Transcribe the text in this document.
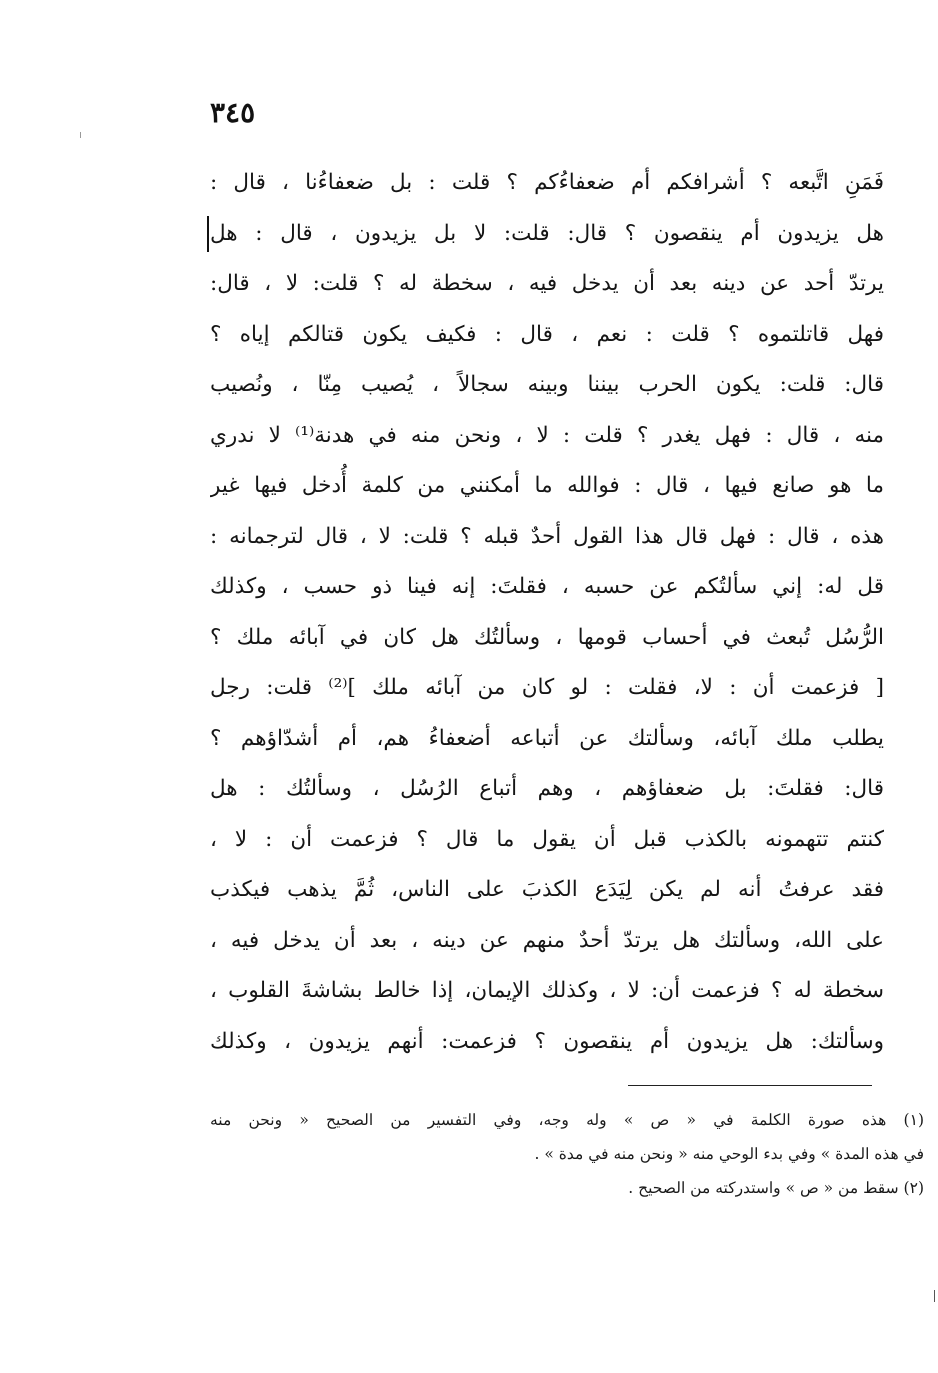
٣٤٥
فَمَنِ اتَّبعه ؟ أشرافكم أم ضعفاءُكم ؟ قلت : بل ضعفاءُنا ، قال :
هل يزيدون أم ينقصون ؟ قال: قلت: لا بل يزيدون ، قال : هل
يرتدّ أحد عن دينه بعد أن يدخل فيه ، سخطة له ؟ قلت: لا ، قال:
فهل قاتلتموه ؟ قلت : نعم ، قال : فكيف يكون قتالكم إياه ؟
قال: قلت: يكون الحرب بيننا وبينه سجالاً ، يُصيب مِنّا ، ونُصيب
منه ، قال : فهل يغدر ؟ قلت : لا ، ونحن منه في هدنة⁽¹⁾ لا ندري
ما هو صانع فيها ، قال : فوالله ما أمكنني من كلمة أُدخل فيها غير
هذه ، قال : فهل قال هذا القول أحدٌ قبله ؟ قلت: لا ، قال لترجمانه :
قل له: إني سألتُكم عن حسبه ، فقلتَ: إنه فينا ذو حسب ، وكذلك
الرُّسُل تُبعث في أحساب قومها ، وسألتُك هل كان في آبائه ملك ؟
[ فزعمت أن : لا، فقلت : لو كان من آبائه ملك ]⁽²⁾ قلت: رجل
يطلب ملك آبائه، وسألتك عن أتباعه أضعفاءُ هم، أم أشدّاؤهم ؟
قال: فقلتَ: بل ضعفاؤهم ، وهم أتباع الرُسُل ، وسألتُك : هل
كنتم تتهمونه بالكذب قبل أن يقول ما قال ؟ فزعمت أن : لا ،
فقد عرفتُ أنه لم يكن لِيَدَع الكذبَ على الناس، ثُمَّ يذهب فيكذب
على الله، وسألتك هل يرتدّ أحدٌ منهم عن دينه ، بعد أن يدخل فيه ،
سخطة له ؟ فزعمت أن: لا ، وكذلك الإيمان، إذا خالط بشاشةَ القلوب ،
وسألتك: هل يزيدون أم ينقصون ؟ فزعمت: أنهم يزيدون ، وكذلك
(١) هذه صورة الكلمة في « ص » وله وجه، وفي التفسير من الصحيح « ونحن منه
في هذه المدة » وفي بدء الوحي منه « ونحن منه في مدة » .
(٢) سقط من « ص » واستدركته من الصحيح .
